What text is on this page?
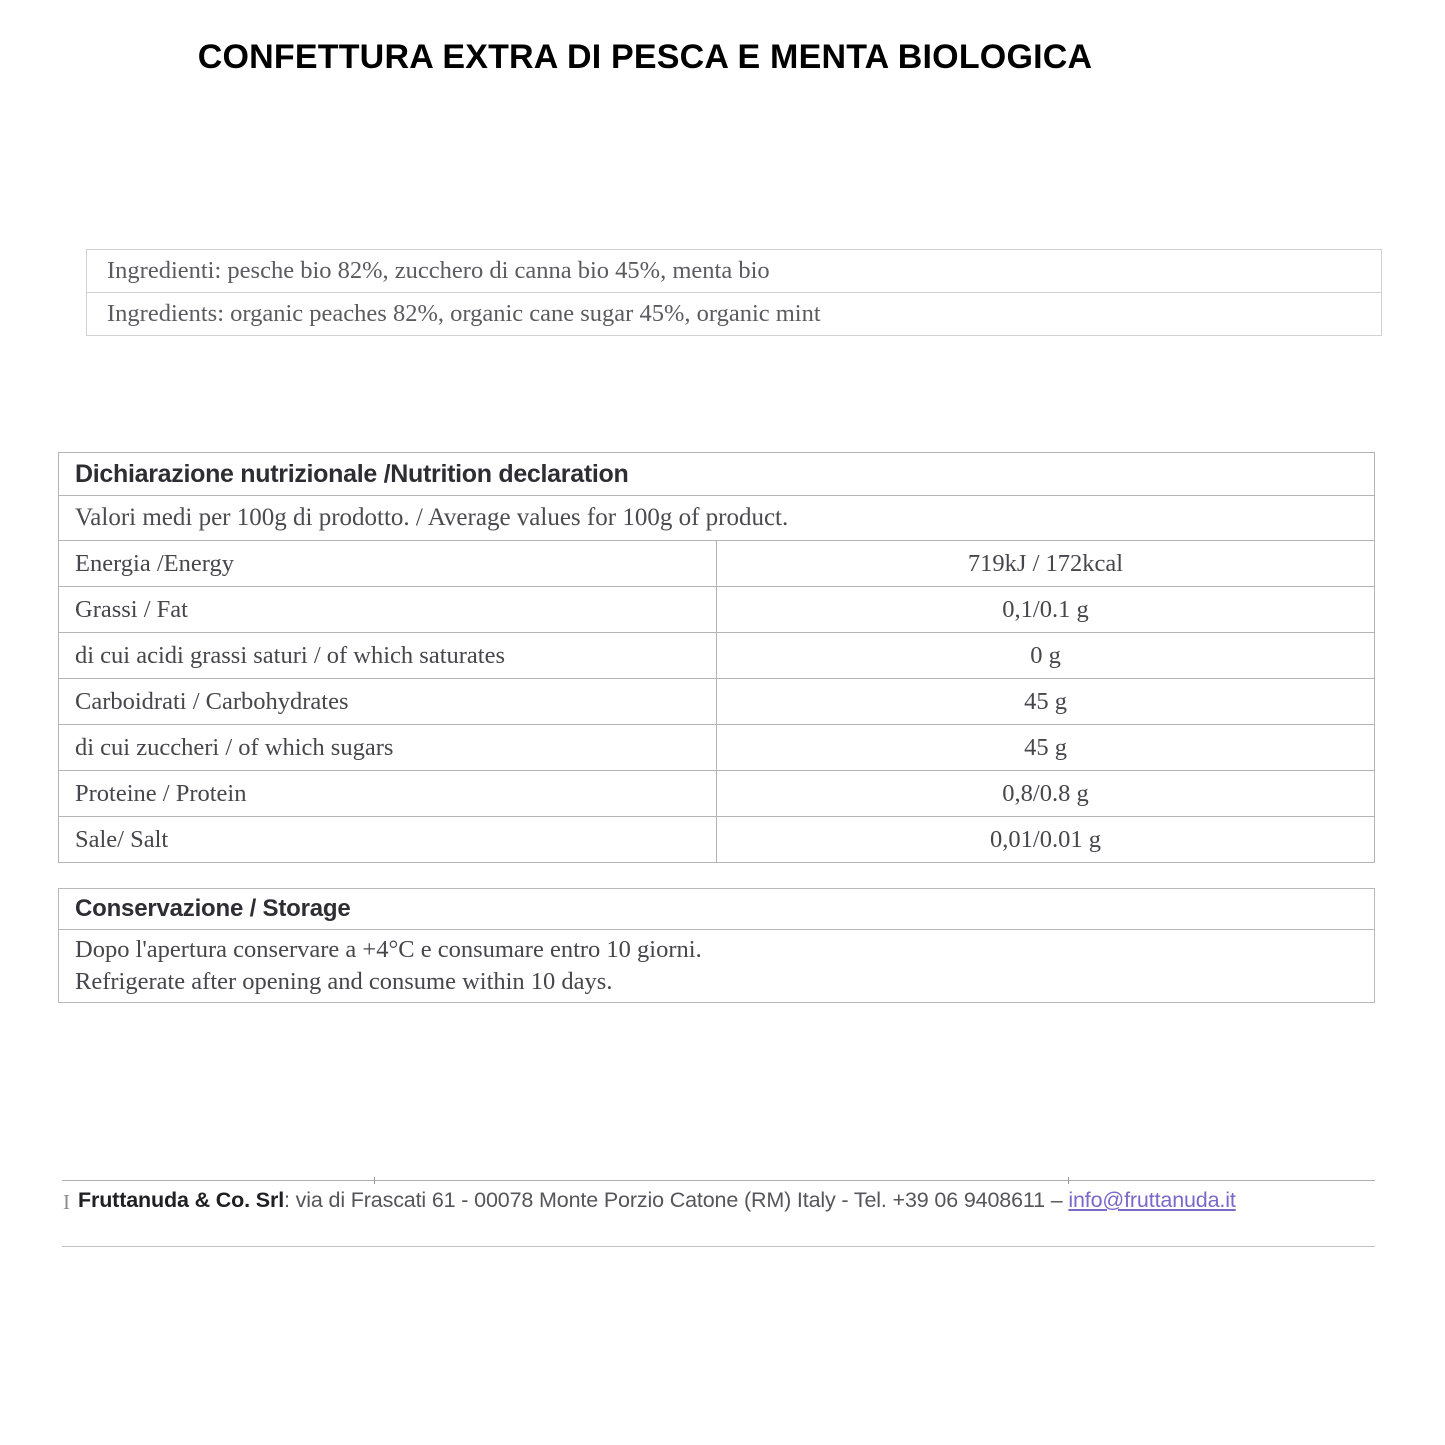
CONFETTURA EXTRA DI PESCA E MENTA BIOLOGICA
Ingredienti: pesche bio 82%, zucchero di canna bio 45%, menta bio
Ingredients: organic peaches 82%, organic cane sugar 45%, organic mint
Dichiarazione nutrizionale /Nutrition declaration	
Valori medi per 100g di prodotto. / Average values for 100g of product.	
Energia /Energy	719kJ / 172kcal
Grassi / Fat	0,1/0.1 g
di cui acidi grassi saturi / of which saturates	0 g
Carboidrati / Carbohydrates	45 g
di cui zuccheri / of which sugars	45 g
Proteine / Protein	0,8/0.8 g
Sale/ Salt	0,01/0.01 g
Conservazione / Storage

Dopo l'apertura conservare a +4°C e consumare entro 10 giorni.
Refrigerate after opening and consume within 10 days.
I Fruttanuda & Co. Srl: via di Frascati 61 - 00078 Monte Porzio Catone (RM) Italy - Tel. +39 06 9408611 – info@fruttanuda.it
